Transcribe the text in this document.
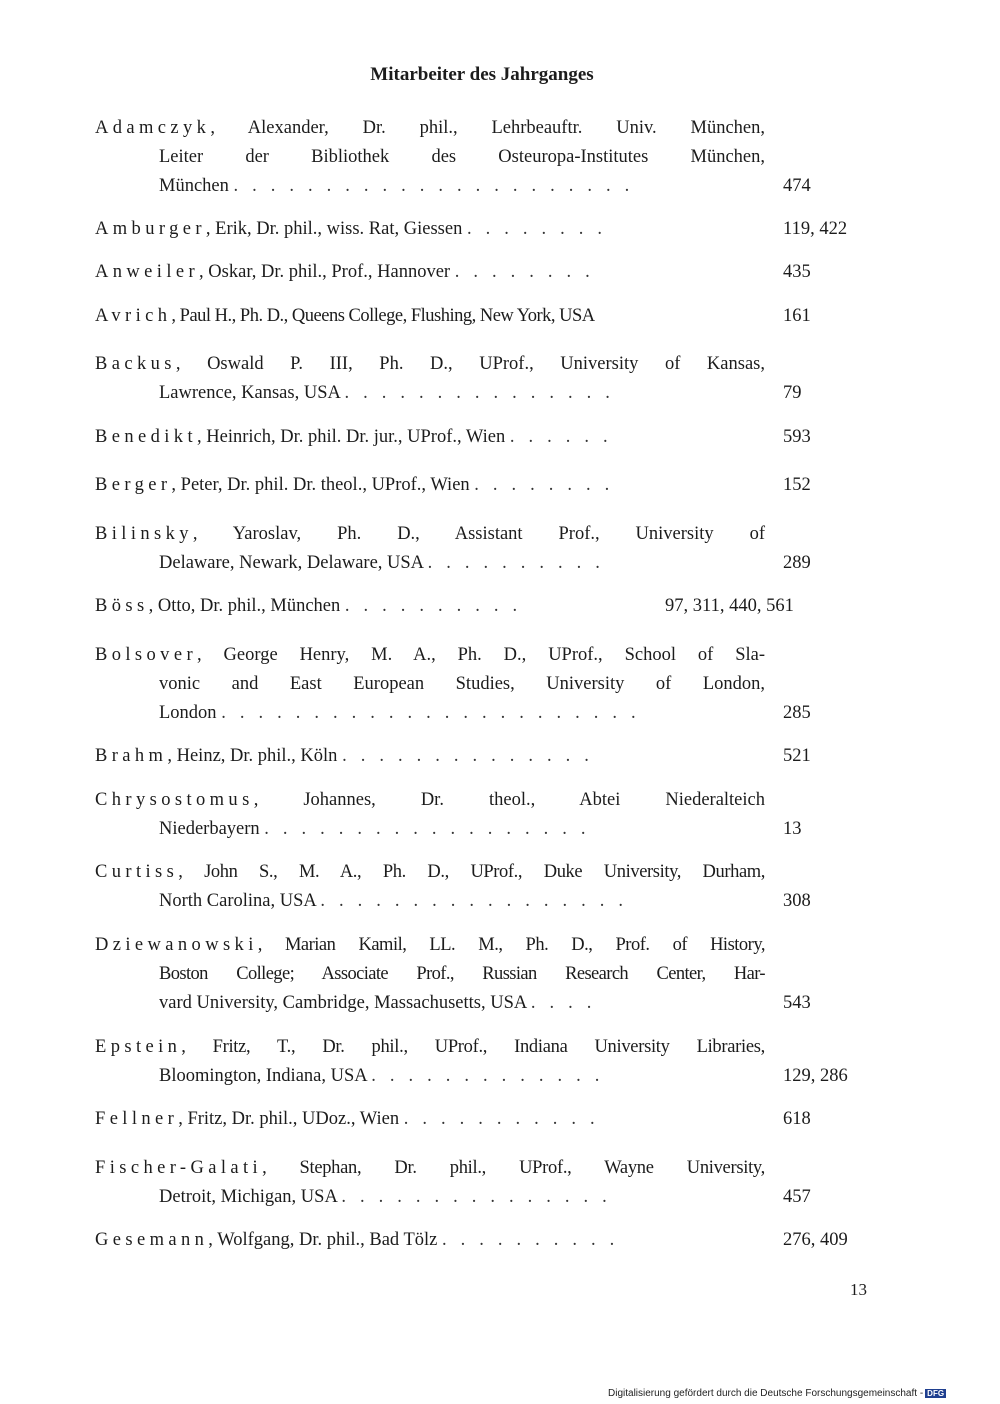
Mitarbeiter des Jahrganges
Adamczyk, Alexander, Dr. phil., Lehrbeauftr. Univ. München,
Leiter der Bibliothek des Osteuropa-Institutes München,
München ......................	474
Amburger, Erik, Dr. phil., wiss. Rat, Giessen ........	119, 422
Anweiler, Oskar, Dr. phil., Prof., Hannover ........	435
Avrich, Paul H., Ph. D., Queens College, Flushing, New York, USA	161
Backus, Oswald P. III, Ph. D., UProf., University of Kansas,
Lawrence, Kansas, USA ...............	79
Benedikt, Heinrich, Dr. phil. Dr. jur., UProf., Wien ......	593
Berger, Peter, Dr. phil. Dr. theol., UProf., Wien ........	152
Bilinsky, Yaroslav, Ph. D., Assistant Prof., University of
Delaware, Newark, Delaware, USA ..........	289
Böss, Otto, Dr. phil., München ..........	97, 311, 440, 561
Bolsover, George Henry, M. A., Ph. D., UProf., School of Sla-
vonic and East European Studies, University of London,
London .......................	285
Brahm, Heinz, Dr. phil., Köln ..............	521
Chrysostomus, Johannes, Dr. theol., Abtei Niederalteich
Niederbayern ..................	13
Curtiss, John S., M. A., Ph. D., UProf., Duke University, Durham,
North Carolina, USA .................	308
Dziewanowski, Marian Kamil, LL. M., Ph. D., Prof. of History,
Boston College; Associate Prof., Russian Research Center, Har-
vard University, Cambridge, Massachusetts, USA ....	543
Epstein, Fritz, T., Dr. phil., UProf., Indiana University Libraries,
Bloomington, Indiana, USA .............	129, 286
Fellner, Fritz, Dr. phil., UDoz., Wien ...........	618
Fischer-Galati, Stephan, Dr. phil., UProf., Wayne University,
Detroit, Michigan, USA ...............	457
Gesemann, Wolfgang, Dr. phil., Bad Tölz ..........	276, 409
13
Digitalisierung gefördert durch die Deutsche Forschungsgemeinschaft - DFG
